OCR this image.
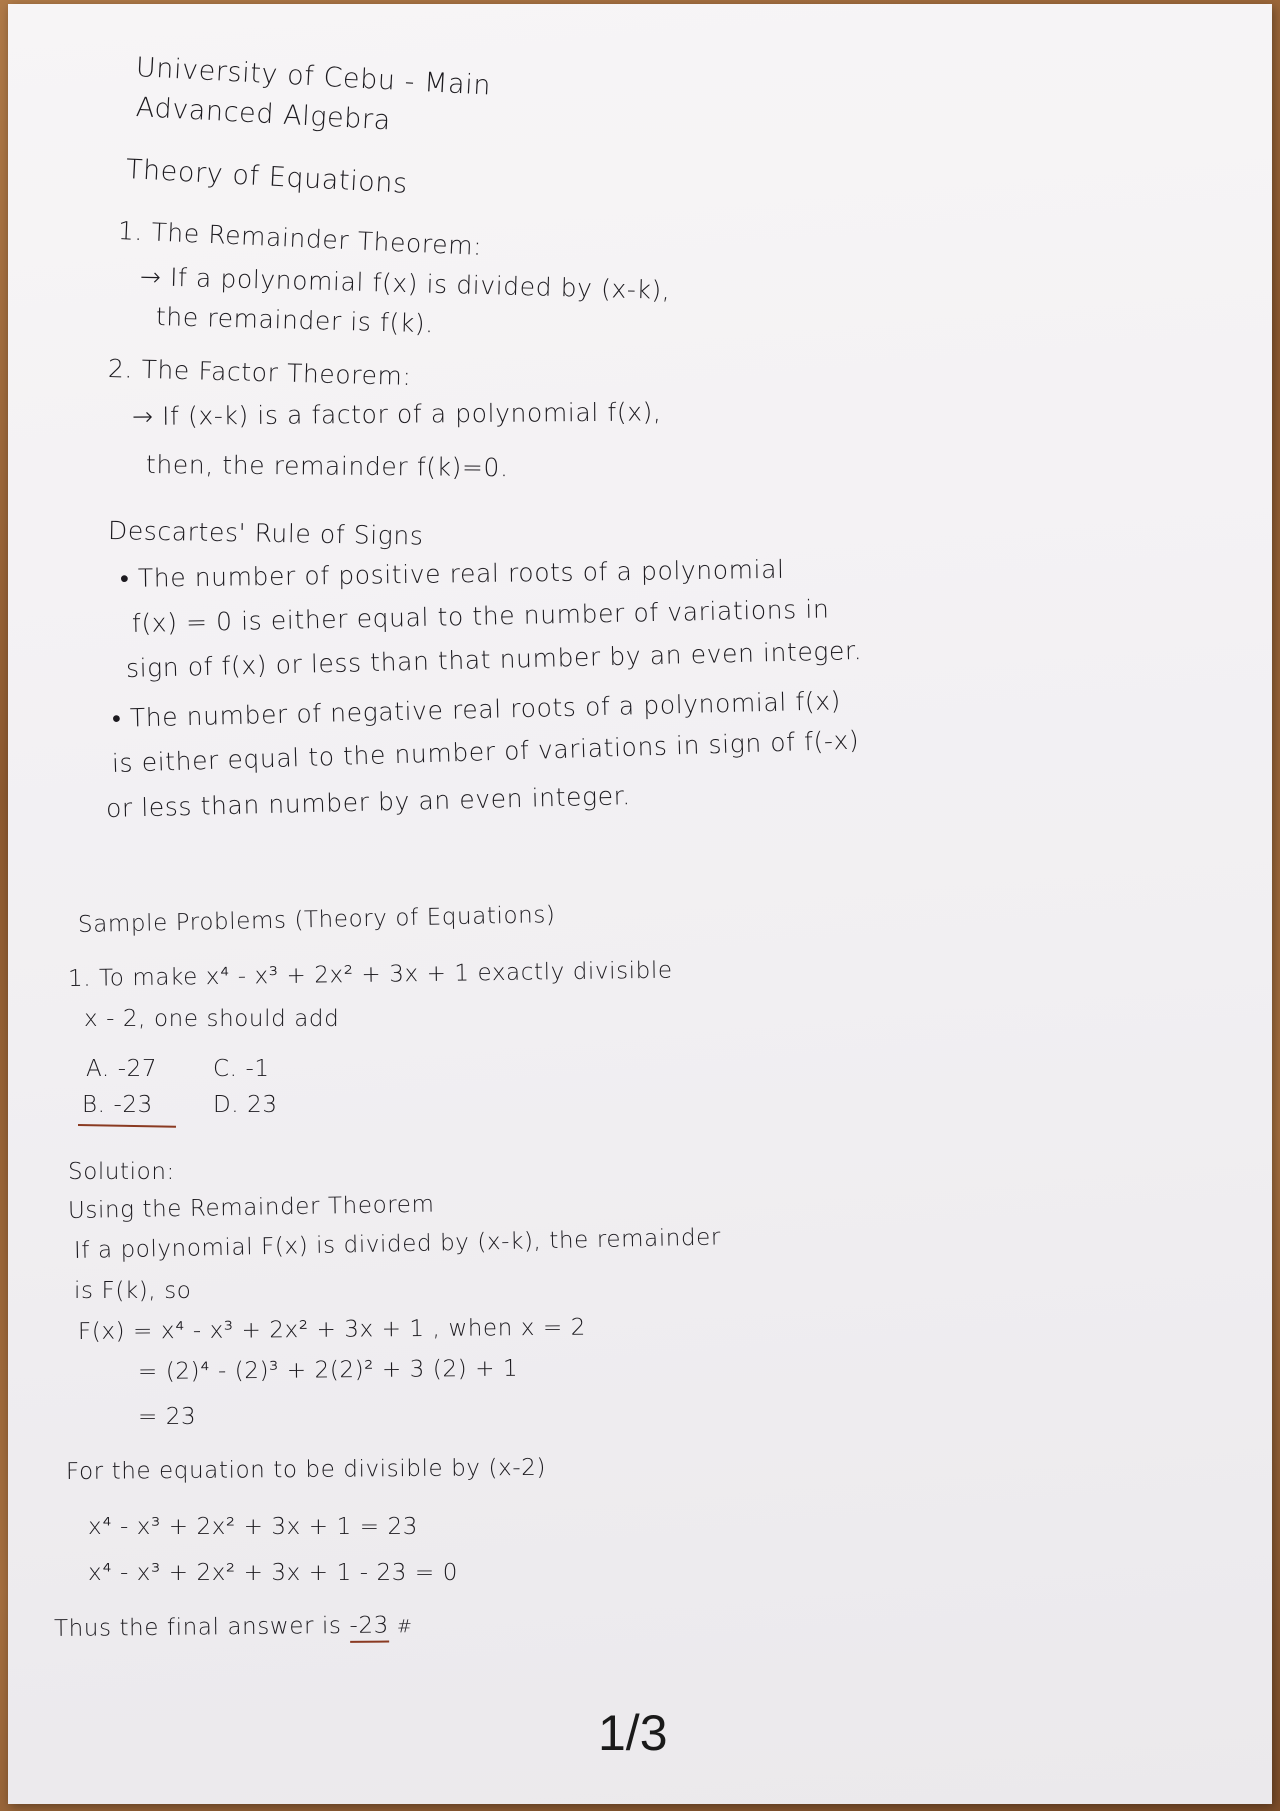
University of Cebu - Main

Advanced Algebra

Theory of Equations

1. The Remainder Theorem:

→ If a polynomial f(x) is divided by (x-k),

the remainder is f(k).

2. The Factor Theorem:

→ If (x-k) is a factor of a polynomial f(x),

then, the remainder f(k)=0.

Descartes' Rule of Signs

• The number of positive real roots of a polynomial

f(x) = 0 is either equal to the number of variations in

sign of f(x) or less than that number by an even integer.

• The number of negative real roots of a polynomial f(x)

is either equal to the number of variations in sign of f(-x)

or less than number by an even integer.

Sample Problems (Theory of Equations)

1. To make x⁴ - x³ + 2x² + 3x + 1 exactly divisible

x - 2, one should add

A. -27 C. -1

B. -23	D. 23

Solution:

Using the Remainder Theorem

If a polynomial F(x) is divided by (x-k), the remainder

is F(k), so

F(x) = x⁴ - x³ + 2x² + 3x + 1 , when x = 2

= (2)⁴ - (2)³ + 2(2)² + 3 (2) + 1

= 23

For the equation to be divisible by (x-2)

x⁴ - x³ + 2x² + 3x + 1 = 23

x⁴ - x³ + 2x² + 3x + 1 - 23 = 0

Thus the final answer is -23 #

1/3
